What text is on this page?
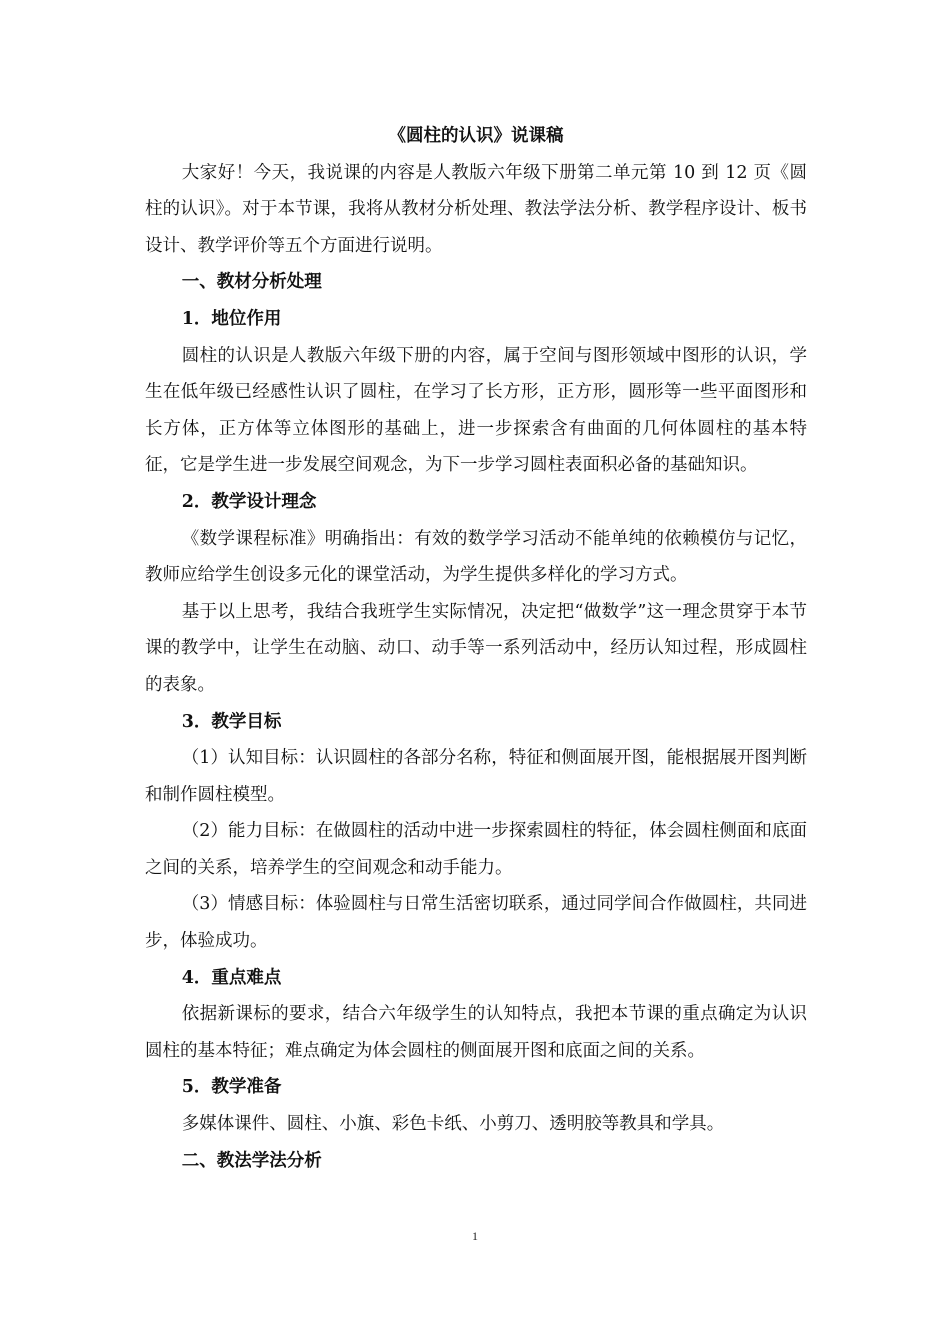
《圆柱的认识》说课稿

大家好！今天，我说课的内容是人教版六年级下册第二单元第 10 到 12 页《圆柱的认识》。对于本节课，我将从教材分析处理、教法学法分析、教学程序设计、板书设计、教学评价等五个方面进行说明。

一、教材分析处理

1．地位作用

圆柱的认识是人教版六年级下册的内容，属于空间与图形领域中图形的认识，学生在低年级已经感性认识了圆柱，在学习了长方形，正方形，圆形等一些平面图形和长方体，正方体等立体图形的基础上，进一步探索含有曲面的几何体圆柱的基本特征，它是学生进一步发展空间观念，为下一步学习圆柱表面积必备的基础知识。

2．教学设计理念

《数学课程标准》明确指出：有效的数学学习活动不能单纯的依赖模仿与记忆，教师应给学生创设多元化的课堂活动，为学生提供多样化的学习方式。

基于以上思考，我结合我班学生实际情况，决定把“做数学”这一理念贯穿于本节课的教学中，让学生在动脑、动口、动手等一系列活动中，经历认知过程，形成圆柱的表象。

3．教学目标

（1）认知目标：认识圆柱的各部分名称，特征和侧面展开图，能根据展开图判断和制作圆柱模型。

（2）能力目标：在做圆柱的活动中进一步探索圆柱的特征，体会圆柱侧面和底面之间的关系，培养学生的空间观念和动手能力。

（3）情感目标：体验圆柱与日常生活密切联系，通过同学间合作做圆柱，共同进步，体验成功。

4．重点难点

依据新课标的要求，结合六年级学生的认知特点，我把本节课的重点确定为认识圆柱的基本特征；难点确定为体会圆柱的侧面展开图和底面之间的关系。

5．教学准备

多媒体课件、圆柱、小旗、彩色卡纸、小剪刀、透明胶等教具和学具。

二、教法学法分析

1
